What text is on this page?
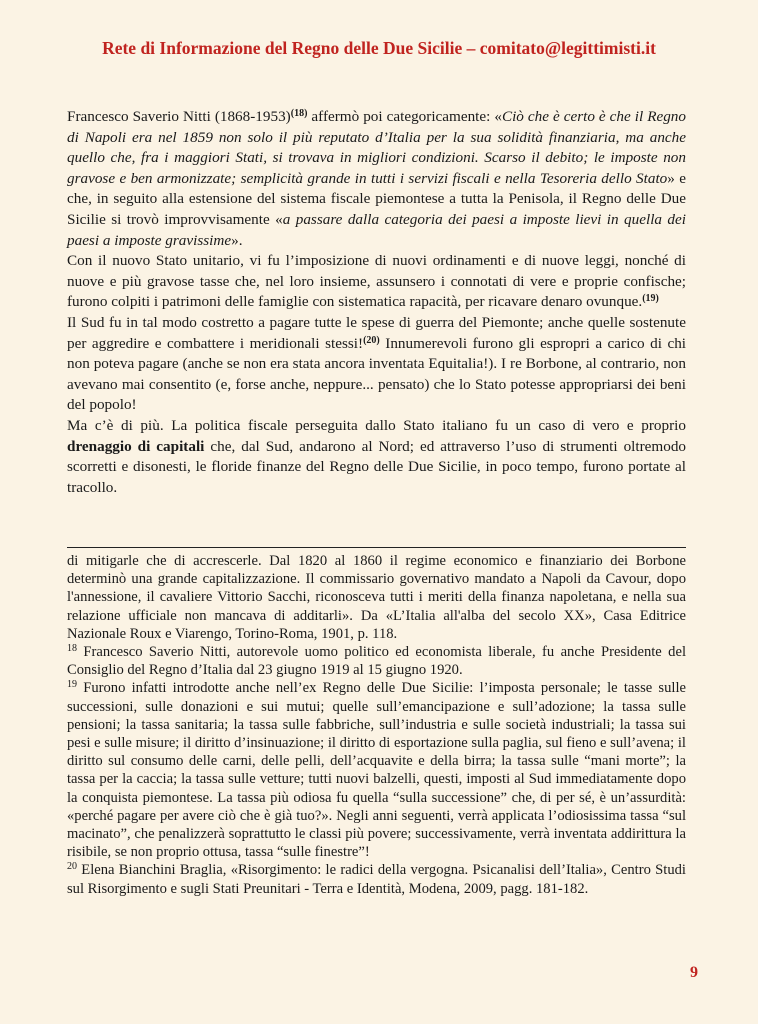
Rete di Informazione del Regno delle Due Sicilie – comitato@legittimisti.it

Francesco Saverio Nitti (1868-1953)$^{(18)}$ affermò poi categoricamente: «Ciò che è certo è che il Regno di Napoli era nel 1859 non solo il più reputato d’Italia per la sua solidità finanziaria, ma anche quello che, fra i maggiori Stati, si trovava in migliori condizioni. Scarso il debito; le imposte non gravose e ben armonizzate; semplicità grande in tutti i servizi fiscali e nella Tesoreria dello Stato» e che, in seguito alla estensione del sistema fiscale piemontese a tutta la Penisola, il Regno delle Due Sicilie si trovò improvvisamente «a passare dalla categoria dei paesi a imposte lievi in quella dei paesi a imposte gravissime».

Con il nuovo Stato unitario, vi fu l’imposizione di nuovi ordinamenti e di nuove leggi, nonché di nuove e più gravose tasse che, nel loro insieme, assunsero i connotati di vere e proprie confische; furono colpiti i patrimoni delle famiglie con sistematica rapacità, per ricavare denaro ovunque.$^{(19)}$

Il Sud fu in tal modo costretto a pagare tutte le spese di guerra del Piemonte; anche quelle sostenute per aggredire e combattere i meridionali stessi!$^{(20)}$ Innumerevoli furono gli espropri a carico di chi non poteva pagare (anche se non era stata ancora inventata Equitalia!). I re Borbone, al contrario, non avevano mai consentito (e, forse anche, neppure... pensato) che lo Stato potesse appropriarsi dei beni del popolo!

Ma c’è di più. La politica fiscale perseguita dallo Stato italiano fu un caso di vero e proprio drenaggio di capitali che, dal Sud, andarono al Nord; ed attraverso l’uso di strumenti oltremodo scorretti e disonesti, le floride finanze del Regno delle Due Sicilie, in poco tempo, furono portate al tracollo.

di mitigarle che di accrescerle. Dal 1820 al 1860 il regime economico e finanziario dei Borbone determinò una grande capitalizzazione. Il commissario governativo mandato a Napoli da Cavour, dopo l'annessione, il cavaliere Vittorio Sacchi, riconosceva tutti i meriti della finanza napoletana, e nella sua relazione ufficiale non mancava di additarli». Da «L’Italia all'alba del secolo XX», Casa Editrice Nazionale Roux e Viarengo, Torino-Roma, 1901, p. 118.

$^{18}$ Francesco Saverio Nitti, autorevole uomo politico ed economista liberale, fu anche Presidente del Consiglio del Regno d’Italia dal 23 giugno 1919 al 15 giugno 1920.

$^{19}$ Furono infatti introdotte anche nell’ex Regno delle Due Sicilie: l’imposta personale; le tasse sulle successioni, sulle donazioni e sui mutui; quelle sull’emancipazione e sull’adozione; la tassa sulle pensioni; la tassa sanitaria; la tassa sulle fabbriche, sull’industria e sulle società industriali; la tassa sui pesi e sulle misure; il diritto d’insinuazione; il diritto di esportazione sulla paglia, sul fieno e sull’avena; il diritto sul consumo delle carni, delle pelli, dell’acquavite e della birra; la tassa sulle “mani morte”; la tassa per la caccia; la tassa sulle vetture; tutti nuovi balzelli, questi, imposti al Sud immediatamente dopo la conquista piemontese. La tassa più odiosa fu quella “sulla successione” che, di per sé, è un’assurdità: «perché pagare per avere ciò che è già tuo?». Negli anni seguenti, verrà applicata l’odiosissima tassa “sul macinato”, che penalizzerà soprattutto le classi più povere; successivamente, verrà inventata addirittura la risibile, se non proprio ottusa, tassa “sulle finestre”!

$^{20}$ Elena Bianchini Braglia, «Risorgimento: le radici della vergogna. Psicanalisi dell’Italia», Centro Studi sul Risorgimento e sugli Stati Preunitari - Terra e Identità, Modena, 2009, pagg. 181-182.

9
